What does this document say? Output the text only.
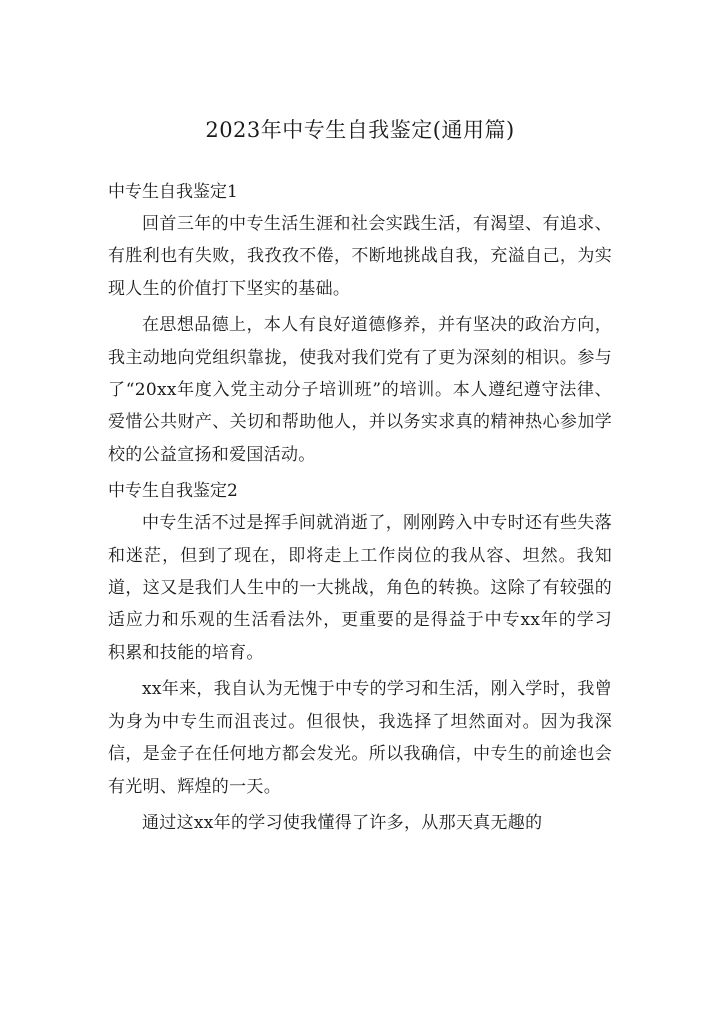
2023年中专生自我鉴定(通用篇)
中专生自我鉴定1

回首三年的中专生活生涯和社会实践生活，有渴望、有追求、有胜利也有失败，我孜孜不倦，不断地挑战自我，充溢自己，为实现人生的价值打下坚实的基础。

在思想品德上，本人有良好道德修养，并有坚决的政治方向，我主动地向党组织靠拢，使我对我们党有了更为深刻的相识。参与了“20xx年度入党主动分子培训班”的培训。本人遵纪遵守法律、爱惜公共财产、关切和帮助他人，并以务实求真的精神热心参加学校的公益宣扬和爱国活动。

中专生自我鉴定2

中专生活不过是挥手间就消逝了，刚刚跨入中专时还有些失落和迷茫，但到了现在，即将走上工作岗位的我从容、坦然。我知道，这又是我们人生中的一大挑战，角色的转换。这除了有较强的适应力和乐观的生活看法外，更重要的是得益于中专xx年的学习积累和技能的培育。

xx年来，我自认为无愧于中专的学习和生活，刚入学时，我曾为身为中专生而沮丧过。但很快，我选择了坦然面对。因为我深信，是金子在任何地方都会发光。所以我确信，中专生的前途也会有光明、辉煌的一天。

通过这xx年的学习使我懂得了许多，从那天真无趣的
